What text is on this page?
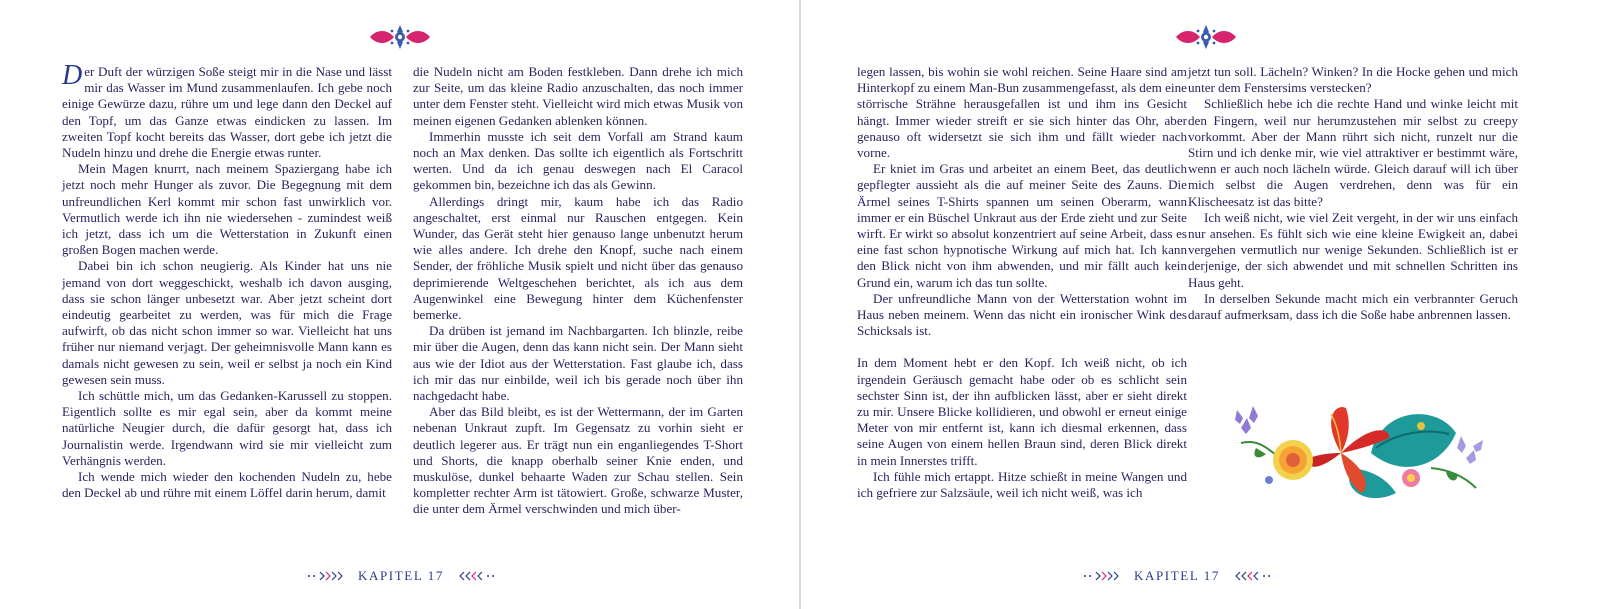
Der Duft der würzigen Soße steigt mir in die Nase und lässt mir das Wasser im Mund zusammenlaufen. Ich gebe noch einige Gewürze dazu, rühre um und lege dann den Deckel auf den Topf, um das Ganze etwas eindicken zu lassen. Im zweiten Topf kocht bereits das Wasser, dort gebe ich jetzt die Nudeln hinzu und drehe die Energie etwas runter.

Mein Magen knurrt, nach meinem Spaziergang habe ich jetzt noch mehr Hunger als zuvor. Die Begegnung mit dem unfreundlichen Kerl kommt mir schon fast unwirklich vor. Vermutlich werde ich ihn nie wiedersehen - zumindest weiß ich jetzt, dass ich um die Wetterstation in Zukunft einen großen Bogen machen werde.

Dabei bin ich schon neugierig. Als Kinder hat uns nie jemand von dort weggeschickt, weshalb ich davon ausging, dass sie schon länger unbesetzt war. Aber jetzt scheint dort eindeutig gearbeitet zu werden, was für mich die Frage aufwirft, ob das nicht schon immer so war. Vielleicht hat uns früher nur niemand verjagt. Der geheimnisvolle Mann kann es damals nicht gewesen zu sein, weil er selbst ja noch ein Kind gewesen sein muss.

Ich schüttle mich, um das Gedanken-Karussell zu stoppen. Eigentlich sollte es mir egal sein, aber da kommt meine natürliche Neugier durch, die dafür gesorgt hat, dass ich Journalistin werde. Irgendwann wird sie mir vielleicht zum Verhängnis werden.

Ich wende mich wieder den kochenden Nudeln zu, hebe den Deckel ab und rühre mit einem Löffel darin herum, damit

die Nudeln nicht am Boden festkleben. Dann drehe ich mich zur Seite, um das kleine Radio anzuschalten, das noch immer unter dem Fenster steht. Vielleicht wird mich etwas Musik von meinen eigenen Gedanken ablenken können.

Immerhin musste ich seit dem Vorfall am Strand kaum noch an Max denken. Das sollte ich eigentlich als Fortschritt werten. Und da ich genau deswegen nach El Caracol gekommen bin, bezeichne ich das als Gewinn.

Allerdings dringt mir, kaum habe ich das Radio angeschaltet, erst einmal nur Rauschen entgegen. Kein Wunder, das Gerät steht hier genauso lange unbenutzt herum wie alles andere. Ich drehe den Knopf, suche nach einem Sender, der fröhliche Musik spielt und nicht über das genauso deprimierende Weltgeschehen berichtet, als ich aus dem Augenwinkel eine Bewegung hinter dem Küchenfenster bemerke.

Da drüben ist jemand im Nachbargarten. Ich blinzle, reibe mir über die Augen, denn das kann nicht sein. Der Mann sieht aus wie der Idiot aus der Wetterstation. Fast glaube ich, dass ich mir das nur einbilde, weil ich bis gerade noch über ihn nachgedacht habe.

Aber das Bild bleibt, es ist der Wettermann, der im Garten nebenan Unkraut zupft. Im Gegensatz zu vorhin sieht er deutlich legerer aus. Er trägt nun ein enganliegendes T-Short und Shorts, die knapp oberhalb seiner Knie enden, und muskulöse, dunkel behaarte Waden zur Schau stellen. Sein kompletter rechter Arm ist tätowiert. Große, schwarze Muster, die unter dem Ärmel verschwinden und mich über-

KAPITEL 17

legen lassen, bis wohin sie wohl reichen. Seine Haare sind am Hinterkopf zu einem Man-Bun zusammengefasst, als dem eine störrische Strähne herausgefallen ist und ihm ins Gesicht hängt. Immer wieder streift er sie sich hinter das Ohr, aber genauso oft widersetzt sie sich ihm und fällt wieder nach vorne.

Er kniet im Gras und arbeitet an einem Beet, das deutlich gepflegter aussieht als die auf meiner Seite des Zauns. Die Ärmel seines T-Shirts spannen um seinen Oberarm, wann immer er ein Büschel Unkraut aus der Erde zieht und zur Seite wirft. Er wirkt so absolut konzentriert auf seine Arbeit, dass es eine fast schon hypnotische Wirkung auf mich hat. Ich kann den Blick nicht von ihm abwenden, und mir fällt auch kein Grund ein, warum ich das tun sollte.

Der unfreundliche Mann von der Wetterstation wohnt im Haus neben meinem. Wenn das nicht ein ironischer Wink des Schicksals ist.

In dem Moment hebt er den Kopf. Ich weiß nicht, ob ich irgendein Geräusch gemacht habe oder ob es schlicht sein sechster Sinn ist, der ihn aufblicken lässt, aber er sieht direkt zu mir. Unsere Blicke kollidieren, und obwohl er erneut einige Meter von mir entfernt ist, kann ich diesmal erkennen, dass seine Augen von einem hellen Braun sind, deren Blick direkt in mein Innerstes trifft.

Ich fühle mich ertappt. Hitze schießt in meine Wangen und ich gefriere zur Salzsäule, weil ich nicht weiß, was ich

jetzt tun soll. Lächeln? Winken? In die Hocke gehen und mich unter dem Fenstersims verstecken?

Schließlich hebe ich die rechte Hand und winke leicht mit den Fingern, weil nur herumzustehen mir selbst zu creepy vorkommt. Aber der Mann rührt sich nicht, runzelt nur die Stirn und ich denke mir, wie viel attraktiver er bestimmt wäre, wenn er auch noch lächeln würde. Gleich darauf will ich über mich selbst die Augen verdrehen, denn was für ein Klischeesatz ist das bitte?

Ich weiß nicht, wie viel Zeit vergeht, in der wir uns einfach nur ansehen. Es fühlt sich wie eine kleine Ewigkeit an, dabei vergehen vermutlich nur wenige Sekunden. Schließlich ist er derjenige, der sich abwendet und mit schnellen Schritten ins Haus geht.

In derselben Sekunde macht mich ein verbrannter Geruch darauf aufmerksam, dass ich die Soße habe anbrennen lassen.

KAPITEL 17
